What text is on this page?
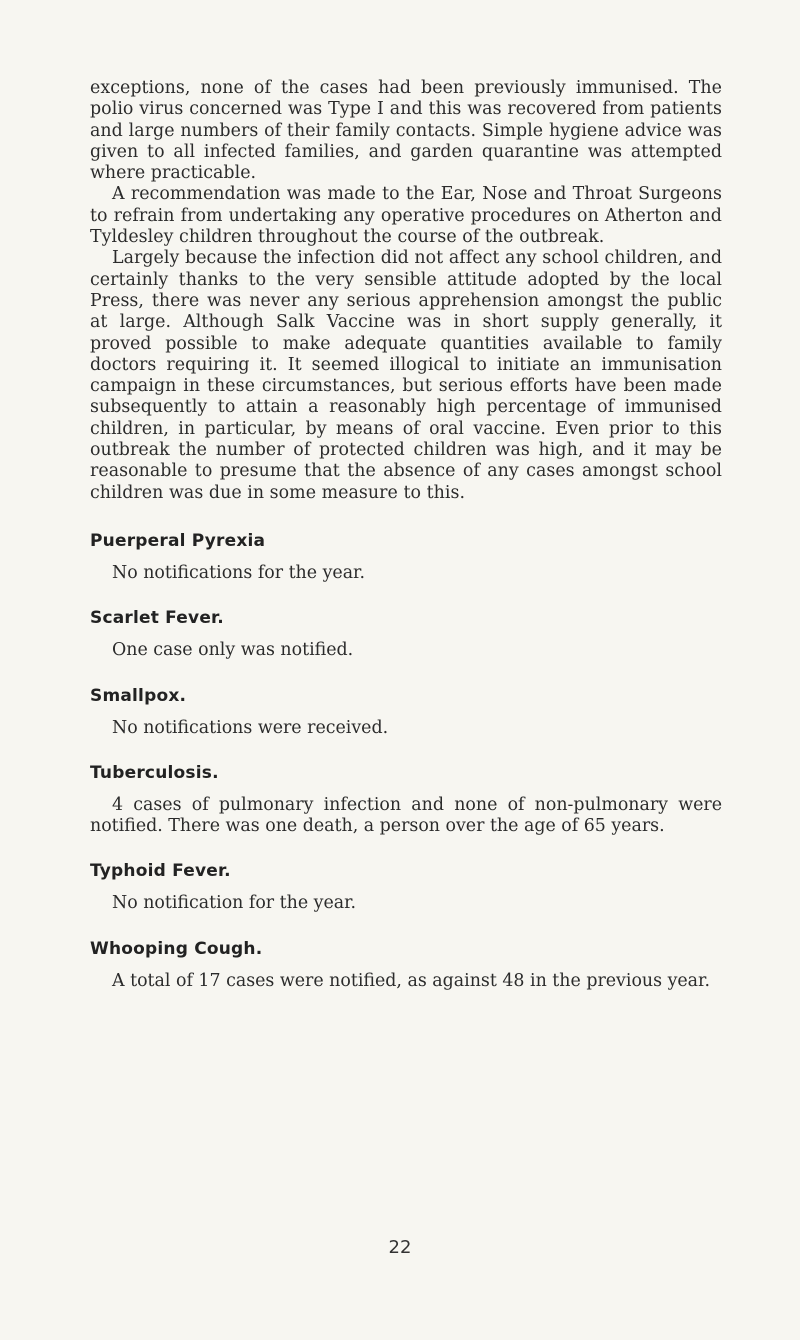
exceptions, none of the cases had been previously immunised. The polio virus concerned was Type I and this was recovered from patients and large numbers of their family contacts. Simple hygiene advice was given to all infected families, and garden quarantine was attempted where practicable.

A recommendation was made to the Ear, Nose and Throat Surgeons to refrain from undertaking any operative procedures on Atherton and Tyldesley children throughout the course of the outbreak.

Largely because the infection did not affect any school children, and certainly thanks to the very sensible attitude adopted by the local Press, there was never any serious apprehension amongst the public at large. Although Salk Vaccine was in short supply generally, it proved possible to make adequate quantities available to family doctors requiring it. It seemed illogical to initiate an immunisation campaign in these circumstances, but serious efforts have been made subsequently to attain a reasonably high percentage of immunised children, in particular, by means of oral vaccine. Even prior to this outbreak the number of protected children was high, and it may be reasonable to presume that the absence of any cases amongst school children was due in some measure to this.

Puerperal Pyrexia

No notifications for the year.

Scarlet Fever.

One case only was notified.

Smallpox.

No notifications were received.

Tuberculosis.

4 cases of pulmonary infection and none of non-pulmonary were notified. There was one death, a person over the age of 65 years.

Typhoid Fever.

No notification for the year.

Whooping Cough.

A total of 17 cases were notified, as against 48 in the previous year.

22
